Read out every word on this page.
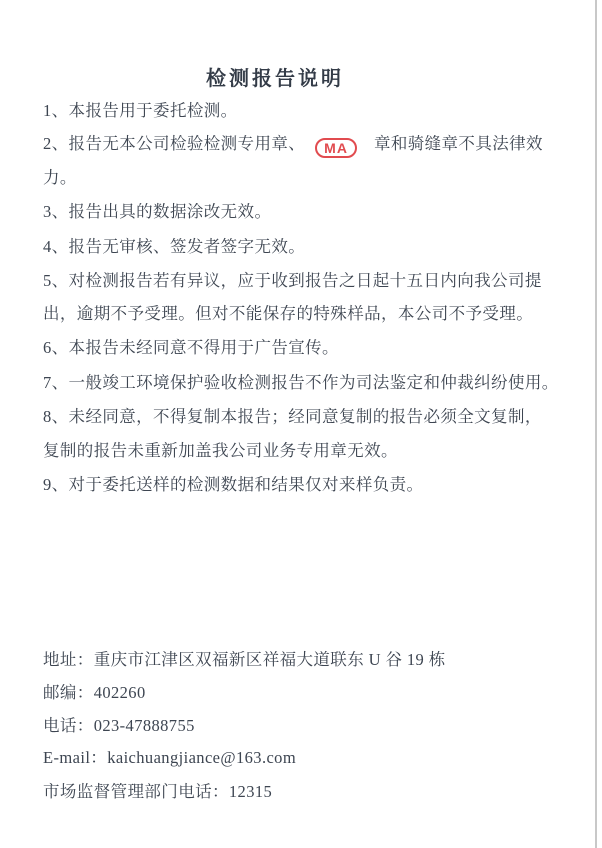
检测报告说明
1、本报告用于委托检测。
2、报告无本公司检验检测专用章、 MA 章和骑缝章不具法律效
力。
3、报告出具的数据涂改无效。
4、报告无审核、签发者签字无效。
5、对检测报告若有异议，应于收到报告之日起十五日内向我公司提
出，逾期不予受理。但对不能保存的特殊样品，本公司不予受理。
6、本报告未经同意不得用于广告宣传。
7、一般竣工环境保护验收检测报告不作为司法鉴定和仲裁纠纷使用。
8、未经同意，不得复制本报告；经同意复制的报告必须全文复制，
复制的报告未重新加盖我公司业务专用章无效。
9、对于委托送样的检测数据和结果仅对来样负责。
地址：重庆市江津区双福新区祥福大道联东 U 谷 19 栋
邮编：402260
电话：023-47888755
E-mail：kaichuangjiance@163.com
市场监督管理部门电话：12315
